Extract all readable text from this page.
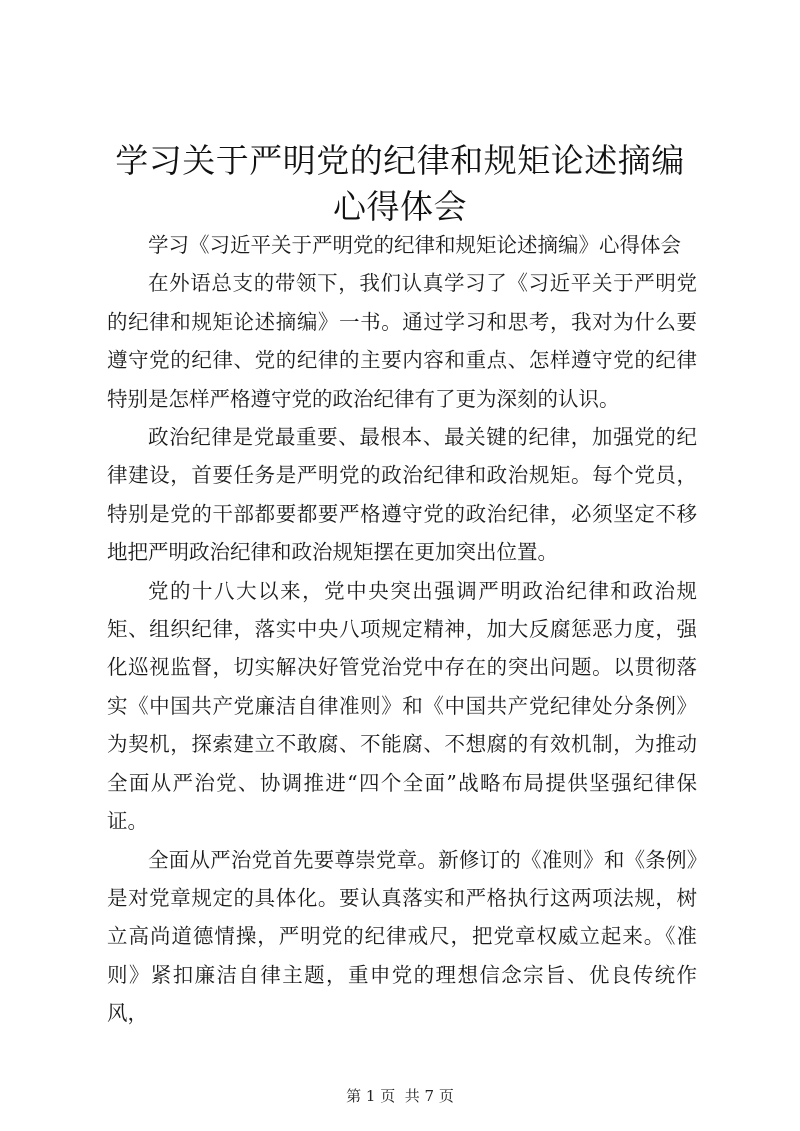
学习关于严明党的纪律和规矩论述摘编心得体会

学习《习近平关于严明党的纪律和规矩论述摘编》心得体会

在外语总支的带领下，我们认真学习了《习近平关于严明党的纪律和规矩论述摘编》一书。通过学习和思考，我对为什么要遵守党的纪律、党的纪律的主要内容和重点、怎样遵守党的纪律特别是怎样严格遵守党的政治纪律有了更为深刻的认识。

政治纪律是党最重要、最根本、最关键的纪律，加强党的纪律建设，首要任务是严明党的政治纪律和政治规矩。每个党员，特别是党的干部都要都要严格遵守党的政治纪律，必须坚定不移地把严明政治纪律和政治规矩摆在更加突出位置。

党的十八大以来，党中央突出强调严明政治纪律和政治规矩、组织纪律，落实中央八项规定精神，加大反腐惩恶力度，强化巡视监督，切实解决好管党治党中存在的突出问题。以贯彻落实《中国共产党廉洁自律准则》和《中国共产党纪律处分条例》为契机，探索建立不敢腐、不能腐、不想腐的有效机制，为推动全面从严治党、协调推进“四个全面”战略布局提供坚强纪律保证。

全面从严治党首先要尊崇党章。新修订的《准则》和《条例》是对党章规定的具体化。要认真落实和严格执行这两项法规，树立高尚道德情操，严明党的纪律戒尺，把党章权威立起来。《准则》紧扣廉洁自律主题，重申党的理想信念宗旨、优良传统作风，

第 1 页  共 7 页
